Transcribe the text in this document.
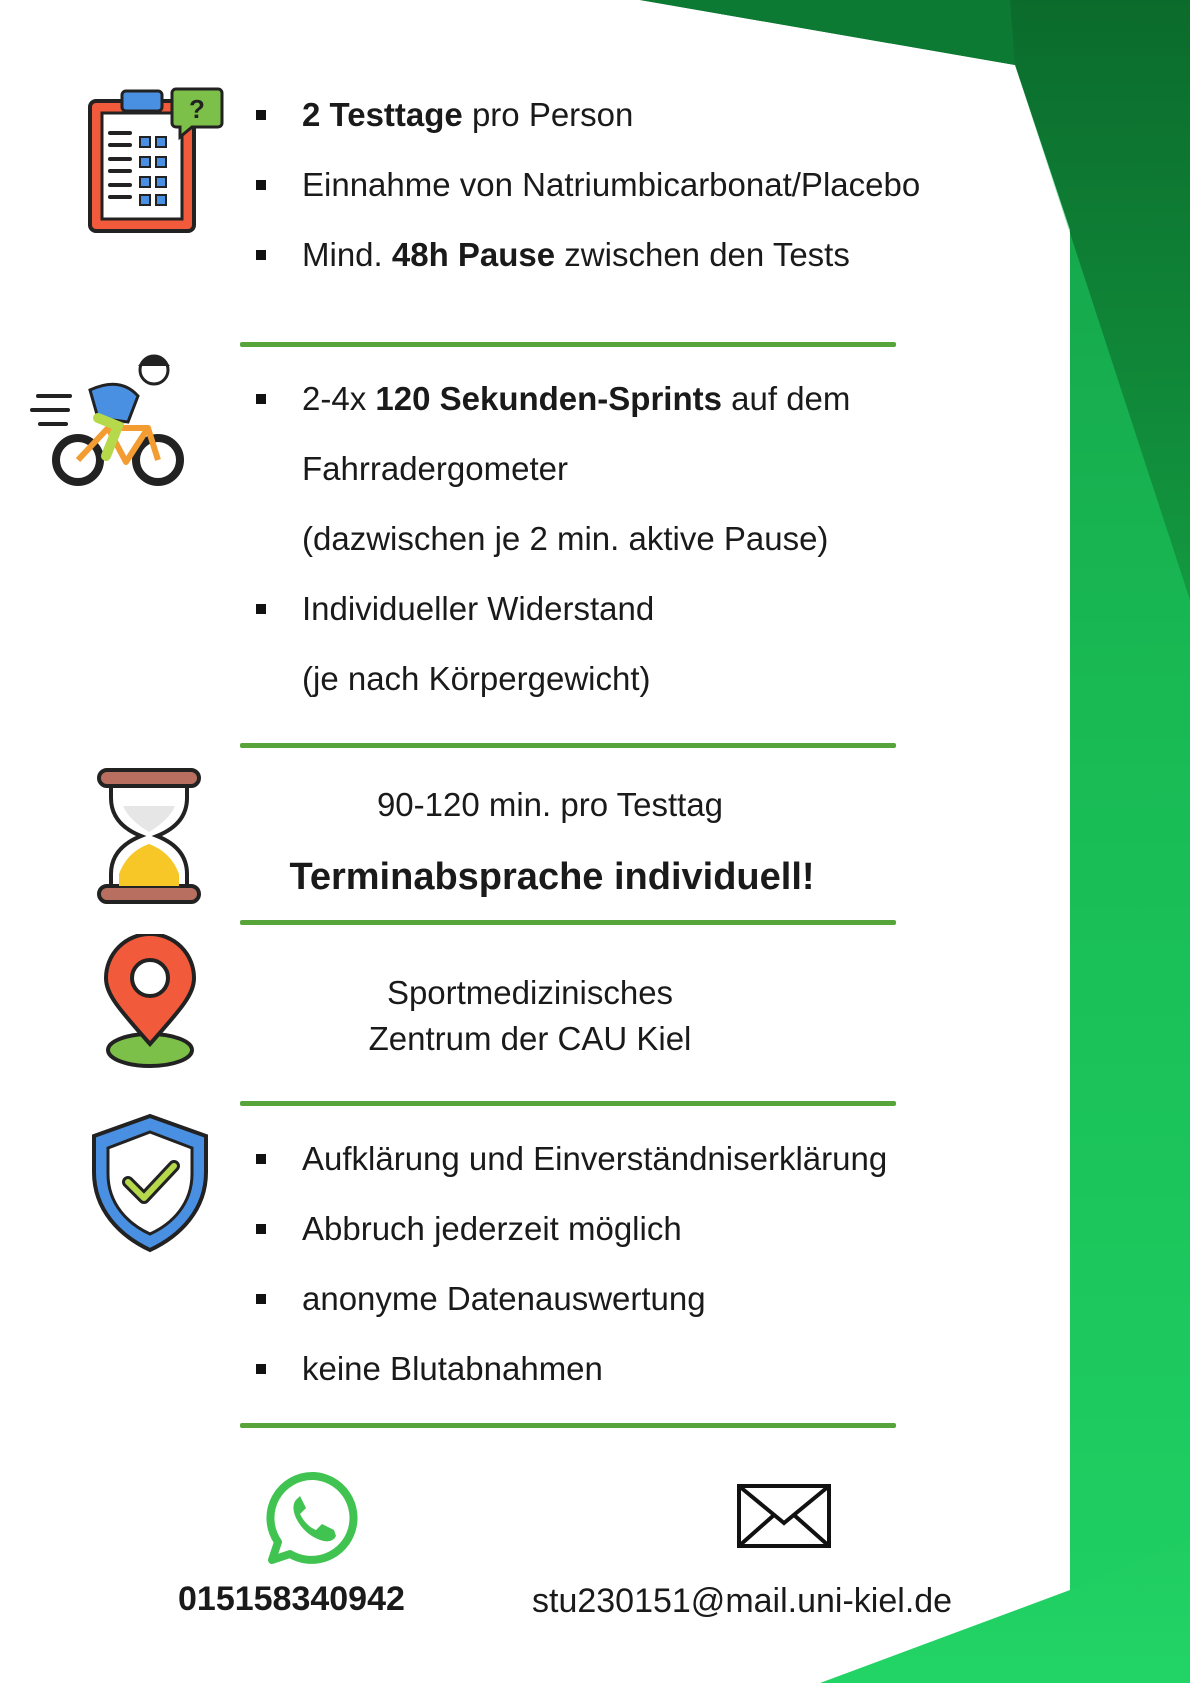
?	2 Testtage pro Person
Einnahme von Natriumbicarbonat/Placebo
Mind. 48h Pause zwischen den Tests
2-4x 120 Sekunden-Sprints auf dem
Fahrradergometer
(dazwischen je 2 min. aktive Pause)
Individueller Widerstand
(je nach Körpergewicht)
90-120 min. pro Testtag
Terminabsprache individuell!
Sportmedizinisches
Zentrum der CAU Kiel
Aufklärung und Einverständniserklärung
Abbruch jederzeit möglich
anonyme Datenauswertung
keine Blutabnahmen
015158340942	stu230151@mail.uni-kiel.de
